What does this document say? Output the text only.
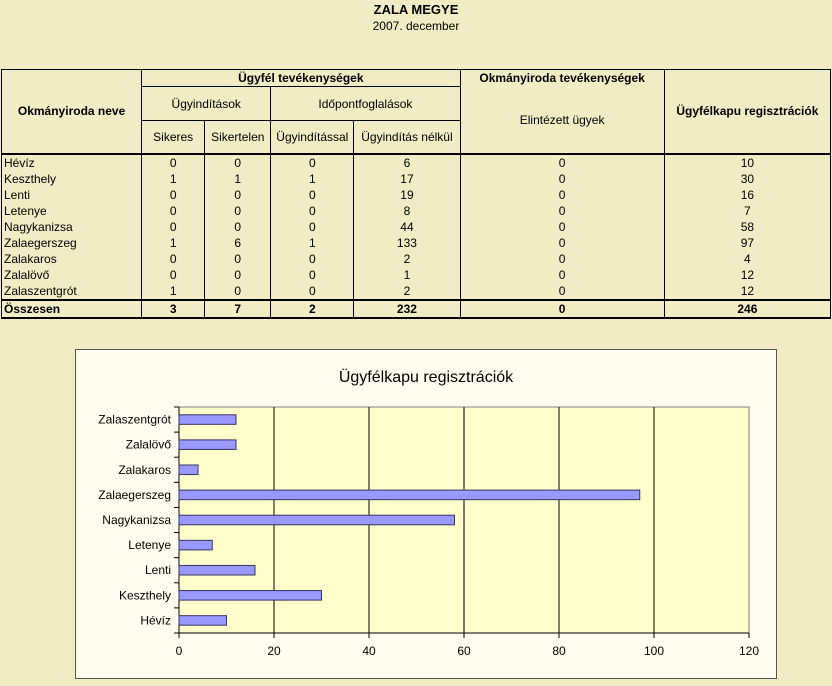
ZALA MEGYE
2007. december
Okmányiroda neve	Ügyfél tevékenységek				Okmányiroda tevékenységek	Ügyfélkapu regisztrációk
	Ügyindítások		Időpontfoglalások		Elintézett ügyek	
	Sikeres	Sikertelen	Ügyindítással	Ügyindítás nélkül		
Hévíz	0	0	0	6	0	10
Keszthely	1	1	1	17	0	30
Lenti	0	0	0	19	0	16
Letenye	0	0	0	8	0	7
Nagykanizsa	0	0	0	44	0	58
Zalaegerszeg	1	6	1	133	0	97
Zalakaros	0	0	0	2	0	4
Zalalövő	0	0	0	1	0	12
Zalaszentgrót	1	0	0	2	0	12
Összesen	3	7	2	232	0	246
Ügyfélkapu regisztrációk
0	20	40	60	80	100	120
Hévíz
Keszthely
Lenti
Letenye
Nagykanizsa
Zalaegerszeg
Zalakaros
Zalalövő
Zalaszentgrót
